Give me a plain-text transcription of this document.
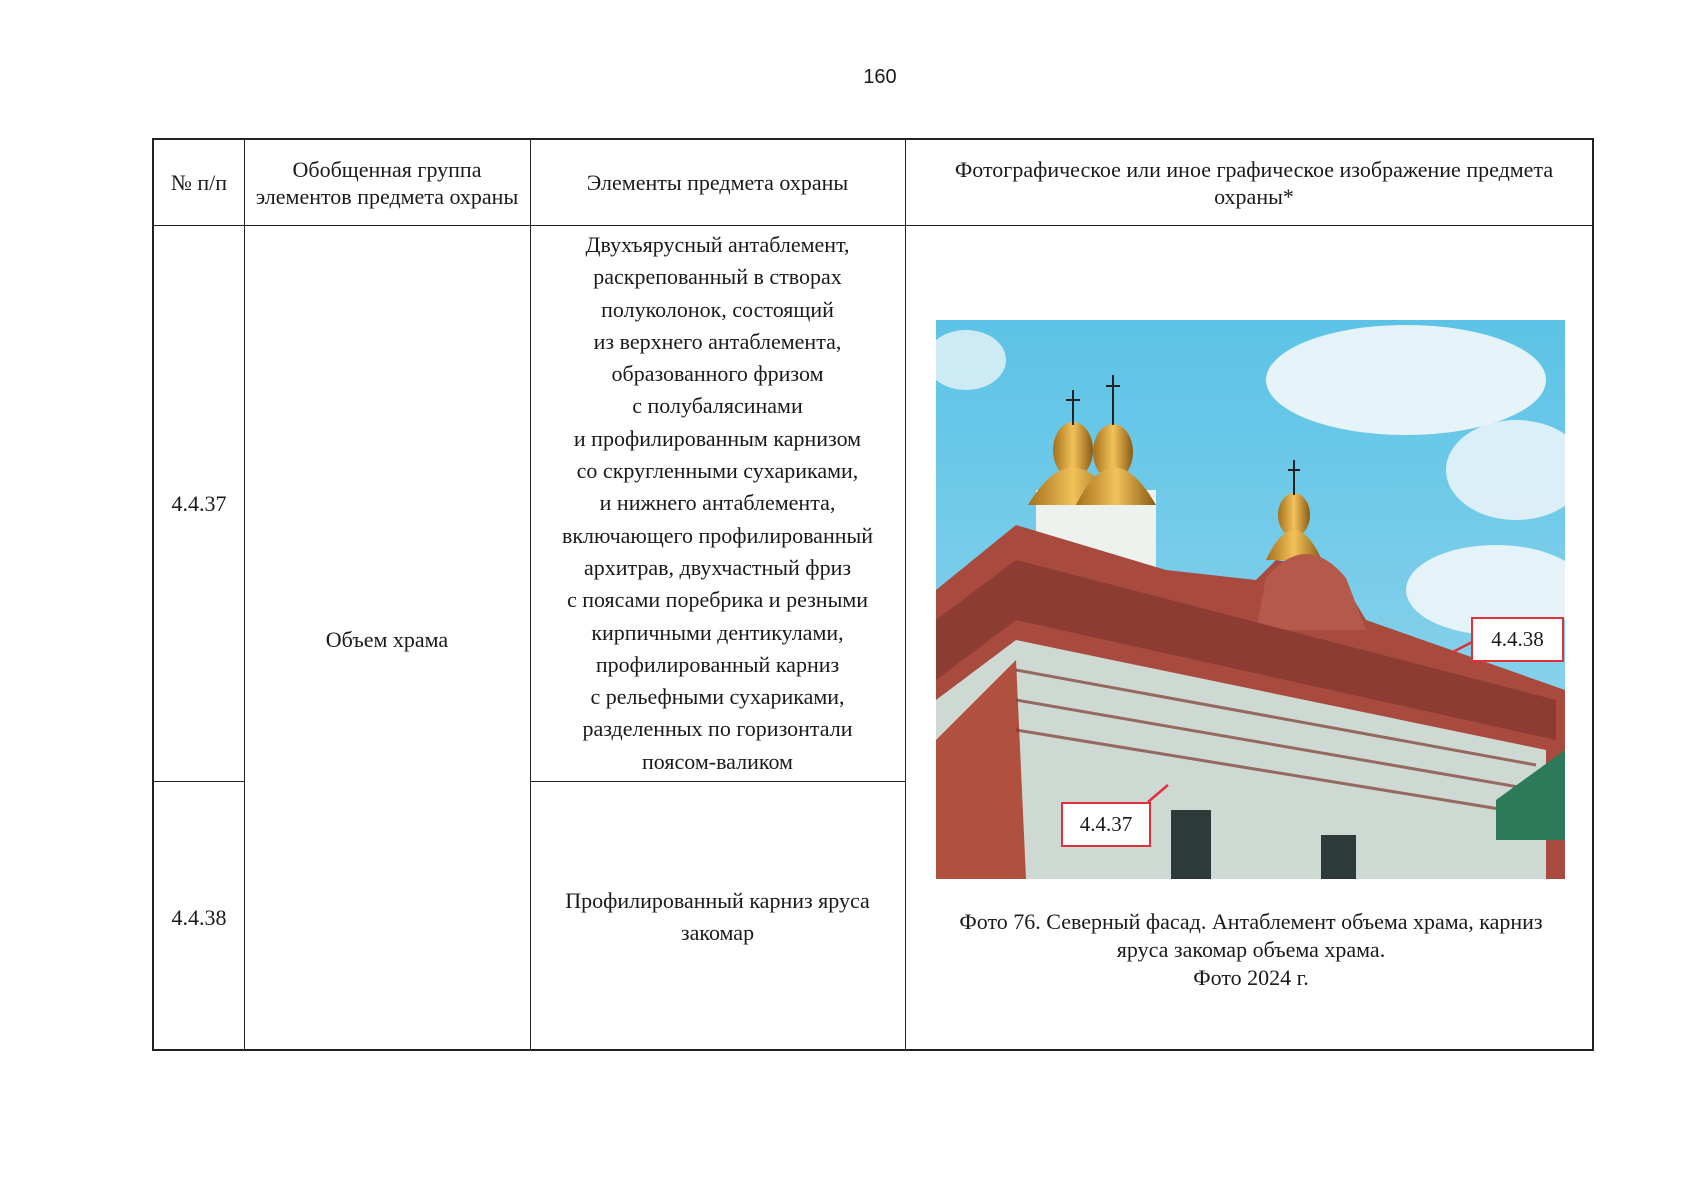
160
№ п/п
Обобщенная группа элементов предмета охраны
Элементы предмета охраны
Фотографическое или иное графическое изображение предмета охраны*
4.4.37
4.4.38
Объем храма
Двухъярусный антаблемент,
раскрепованный в створах
полуколонок, состоящий
из верхнего антаблемента,
образованного фризом
с полубалясинами
и профилированным карнизом
со скругленными сухариками,
и нижнего антаблемента,
включающего профилированный
архитрав, двухчастный фриз
с поясами поребрика и резными
кирпичными дентикулами,
профилированный карниз
с рельефными сухариками,
разделенных по горизонтали
поясом-валиком
Профилированный карниз яруса закомар
4.4.38
4.4.37
Фото 76. Северный фасад. Антаблемент объема храма, карниз
яруса закомар объема храма.
Фото 2024 г.
